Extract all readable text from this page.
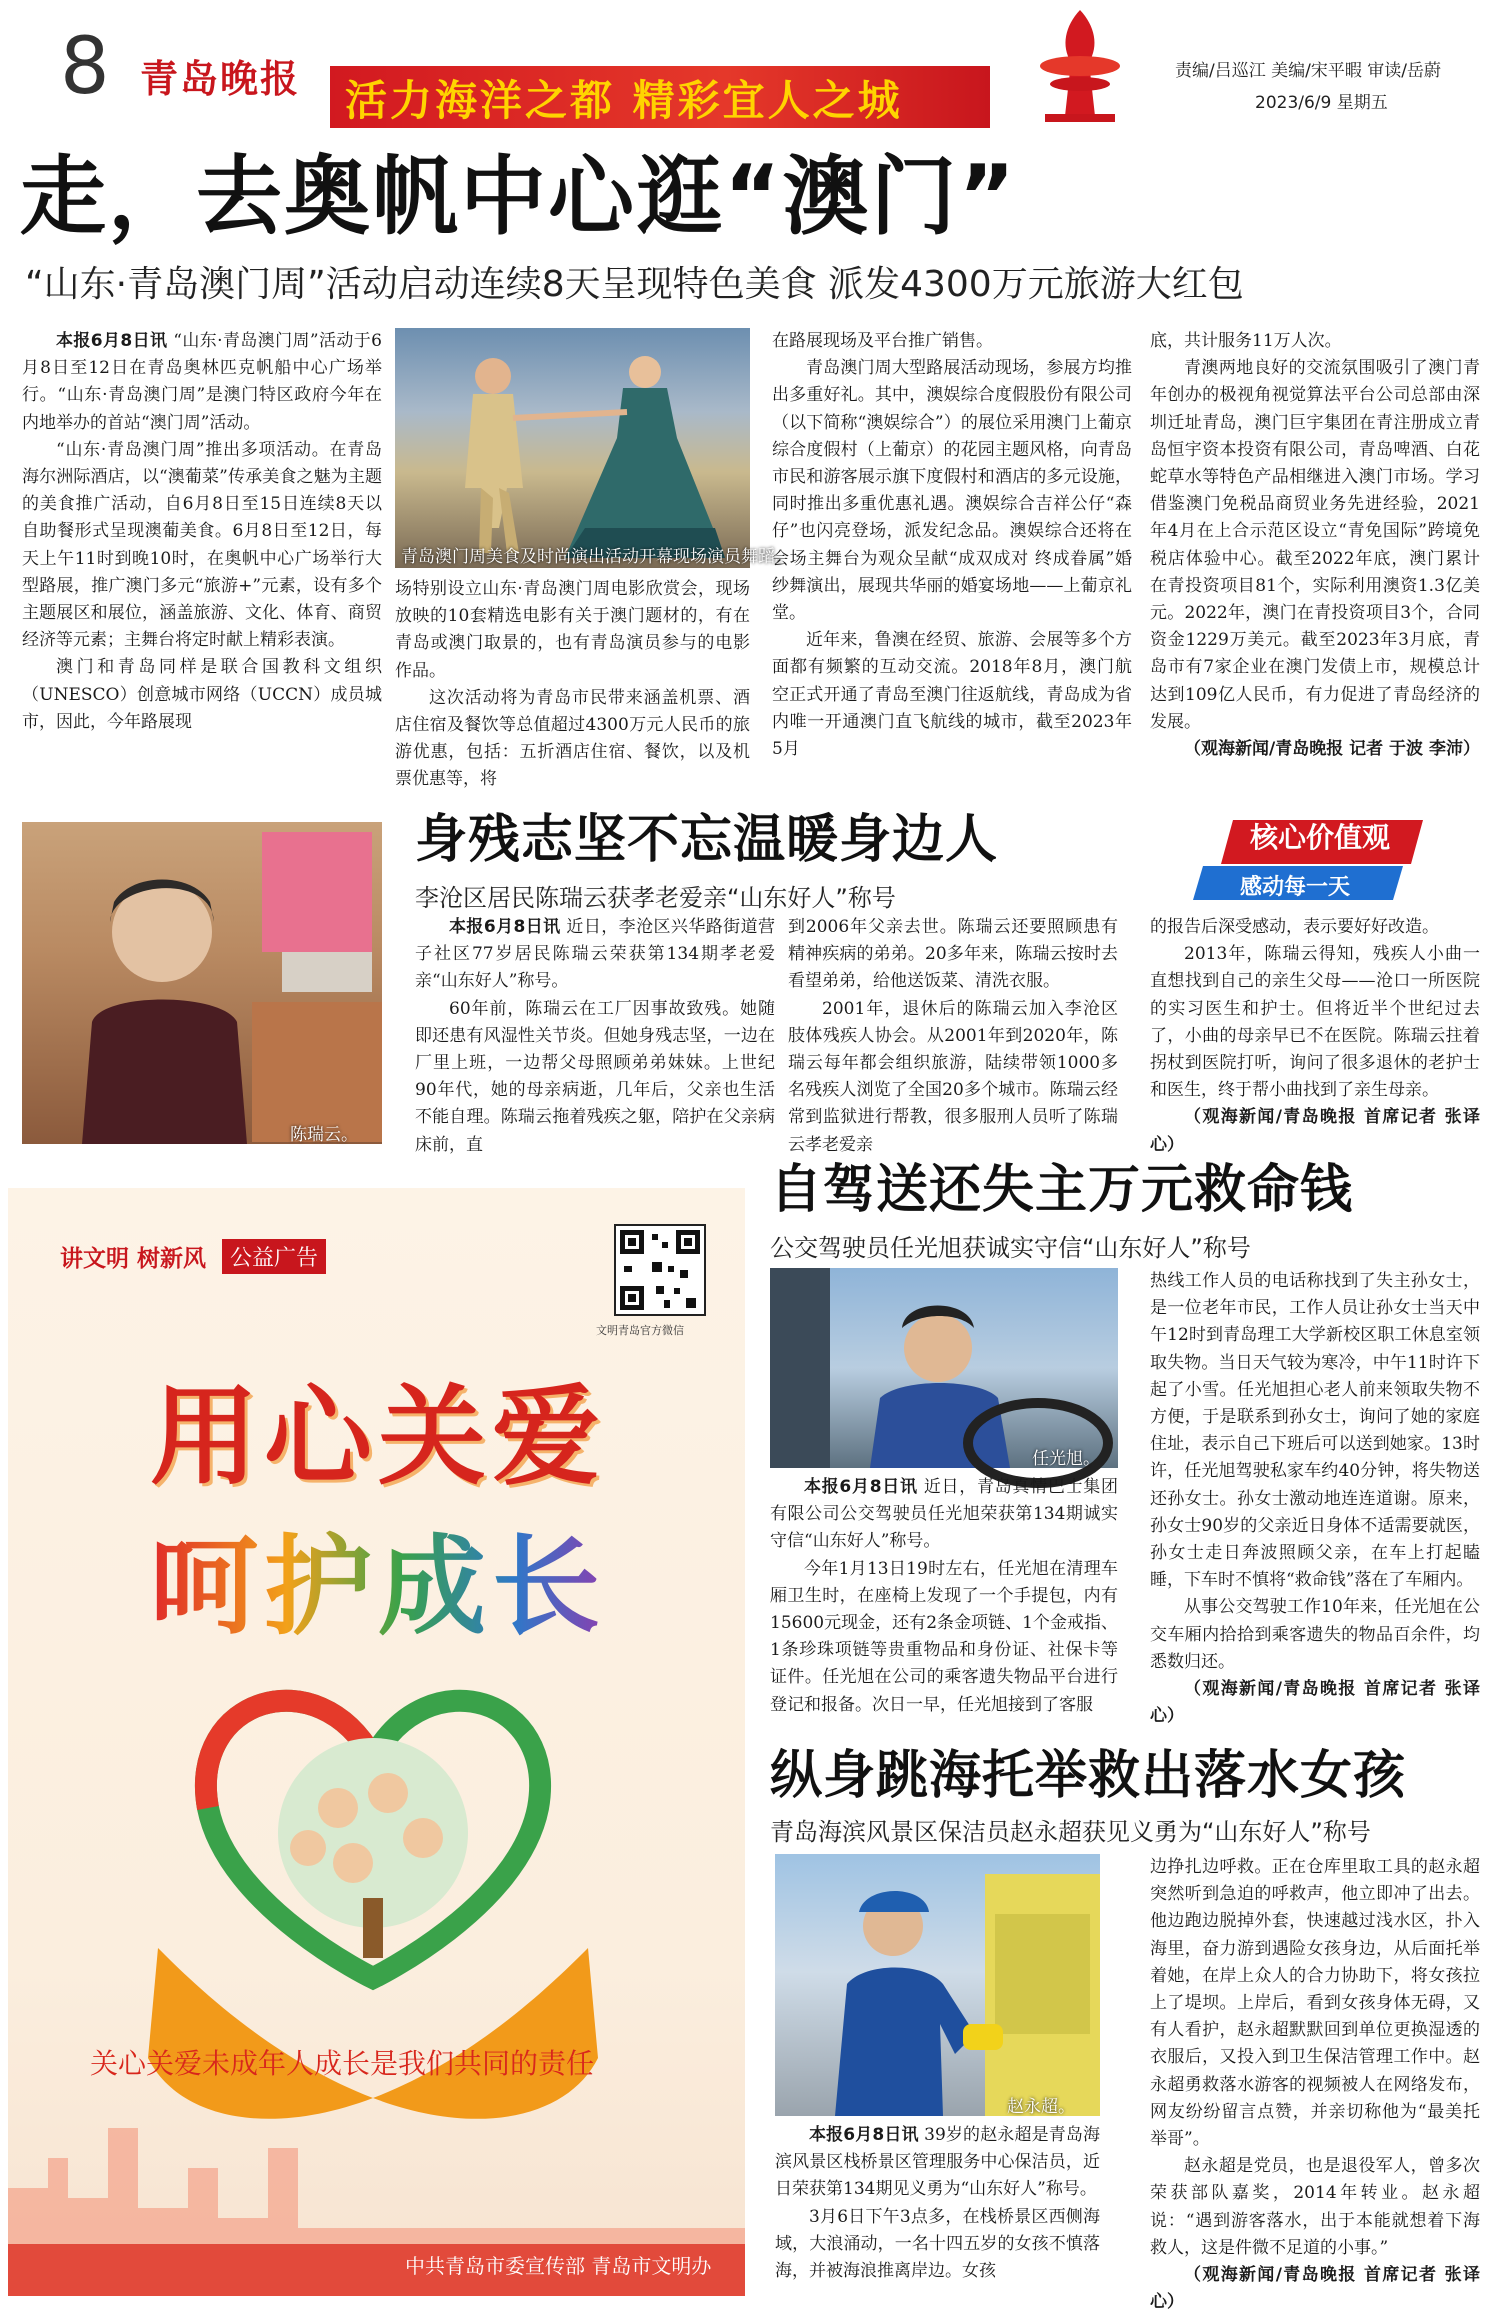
8 青岛晚报 活力海洋之都 精彩宜人之城
责编/吕巡江 美编/宋平暇 审读/岳蔚
2023/6/9 星期五
走，去奥帆中心逛“澳门”
“山东·青岛澳门周”活动启动连续8天呈现特色美食 派发4300万元旅游大红包
青岛澳门周美食及时尚演出活动开幕现场演员舞蹈。

本报6月8日讯 “山东·青岛澳门周”活动于6月8日至12日在青岛奥林匹克帆船中心广场举行。“山东·青岛澳门周”是澳门特区政府今年在内地举办的首站“澳门周”活动。

“山东·青岛澳门周”推出多项活动。在青岛海尔洲际酒店，以“澳葡菜”传承美食之魅为主题的美食推广活动，自6月8日至15日连续8天以自助餐形式呈现澳葡美食。6月8日至12日，每天上午11时到晚10时，在奥帆中心广场举行大型路展，推广澳门多元“旅游+”元素，设有多个主题展区和展位，涵盖旅游、文化、体育、商贸经济等元素；主舞台将定时献上精彩表演。

澳门和青岛同样是联合国教科文组织（UNESCO）创意城市网络（UCCN）成员城市，因此，今年路展现

场特别设立山东·青岛澳门周电影欣赏会，现场放映的10套精选电影有关于澳门题材的，有在青岛或澳门取景的，也有青岛演员参与的电影作品。

这次活动将为青岛市民带来涵盖机票、酒店住宿及餐饮等总值超过4300万元人民币的旅游优惠，包括：五折酒店住宿、餐饮，以及机票优惠等，将

在路展现场及平台推广销售。

青岛澳门周大型路展活动现场，参展方均推出多重好礼。其中，澳娱综合度假股份有限公司（以下简称“澳娱综合”）的展位采用澳门上葡京综合度假村（上葡京）的花园主题风格，向青岛市民和游客展示旗下度假村和酒店的多元设施，同时推出多重优惠礼遇。澳娱综合吉祥公仔“森仔”也闪亮登场，派发纪念品。澳娱综合还将在会场主舞台为观众呈献“成双成对 终成眷属”婚纱舞演出，展现共华丽的婚宴场地——上葡京礼堂。

近年来，鲁澳在经贸、旅游、会展等多个方面都有频繁的互动交流。2018年8月，澳门航空正式开通了青岛至澳门往返航线，青岛成为省内唯一开通澳门直飞航线的城市，截至2023年5月

底，共计服务11万人次。

青澳两地良好的交流氛围吸引了澳门青年创办的极视角视觉算法平台公司总部由深圳迁址青岛，澳门巨宇集团在青注册成立青岛恒宇资本投资有限公司，青岛啤酒、白花蛇草水等特色产品相继进入澳门市场。学习借鉴澳门免税品商贸业务先进经验，2021年4月在上合示范区设立“青免国际”跨境免税店体验中心。截至2022年底，澳门累计在青投资项目81个，实际利用澳资1.3亿美元。2022年，澳门在青投资项目3个，合同资金1229万美元。截至2023年3月底，青岛市有7家企业在澳门发债上市，规模总计达到109亿人民币，有力促进了青岛经济的发展。

（观海新闻/青岛晚报 记者 于波 李沛）

陈瑞云。
身残志坚不忘温暖身边人
李沧区居民陈瑞云获孝老爱亲“山东好人”称号
核心价值观
感动每一天

本报6月8日讯 近日，李沧区兴华路街道营子社区77岁居民陈瑞云荣获第134期孝老爱亲“山东好人”称号。

60年前，陈瑞云在工厂因事故致残。她随即还患有风湿性关节炎。但她身残志坚，一边在厂里上班，一边帮父母照顾弟弟妹妹。上世纪90年代，她的母亲病逝，几年后，父亲也生活不能自理。陈瑞云拖着残疾之躯，陪护在父亲病床前，直

到2006年父亲去世。陈瑞云还要照顾患有精神疾病的弟弟。20多年来，陈瑞云按时去看望弟弟，给他送饭菜、清洗衣服。

2001年，退休后的陈瑞云加入李沧区肢体残疾人协会。从2001年到2020年，陈瑞云每年都会组织旅游，陆续带领1000多名残疾人浏览了全国20多个城市。陈瑞云经常到监狱进行帮教，很多服刑人员听了陈瑞云孝老爱亲

的报告后深受感动，表示要好好改造。

2013年，陈瑞云得知，残疾人小曲一直想找到自己的亲生父母——沧口一所医院的实习医生和护士。但将近半个世纪过去了，小曲的母亲早已不在医院。陈瑞云拄着拐杖到医院打听，询问了很多退休的老护士和医生，终于帮小曲找到了亲生母亲。

（观海新闻/青岛晚报 首席记者 张译心）

讲文明 树新风	公益广告
文明青岛官方微信
用心关爱
呵护成长
关心关爱未成年人成长是我们共同的责任
中共青岛市委宣传部 青岛市文明办
自驾送还失主万元救命钱
公交驾驶员任光旭获诚实守信“山东好人”称号
任光旭。

本报6月8日讯 近日，青岛真情巴士集团有限公司公交驾驶员任光旭荣获第134期诚实守信“山东好人”称号。

今年1月13日19时左右，任光旭在清理车厢卫生时，在座椅上发现了一个手提包，内有15600元现金，还有2条金项链、1个金戒指、1条珍珠项链等贵重物品和身份证、社保卡等证件。任光旭在公司的乘客遗失物品平台进行登记和报备。次日一早，任光旭接到了客服

热线工作人员的电话称找到了失主孙女士，是一位老年市民，工作人员让孙女士当天中午12时到青岛理工大学新校区职工休息室领取失物。当日天气较为寒冷，中午11时许下起了小雪。任光旭担心老人前来领取失物不方便，于是联系到孙女士，询问了她的家庭住址，表示自己下班后可以送到她家。13时许，任光旭驾驶私家车约40分钟，将失物送还孙女士。孙女士激动地连连道谢。原来，孙女士90岁的父亲近日身体不适需要就医，孙女士走日奔波照顾父亲，在车上打起瞌睡，下车时不慎将“救命钱”落在了车厢内。

从事公交驾驶工作10年来，任光旭在公交车厢内拾拾到乘客遗失的物品百余件，均悉数归还。

（观海新闻/青岛晚报 首席记者 张译心）

纵身跳海托举救出落水女孩
青岛海滨风景区保洁员赵永超获见义勇为“山东好人”称号
赵永超。

本报6月8日讯 39岁的赵永超是青岛海滨风景区栈桥景区管理服务中心保洁员，近日荣获第134期见义勇为“山东好人”称号。

3月6日下午3点多，在栈桥景区西侧海域，大浪涌动，一名十四五岁的女孩不慎落海，并被海浪推离岸边。女孩

边挣扎边呼救。正在仓库里取工具的赵永超突然听到急迫的呼救声，他立即冲了出去。他边跑边脱掉外套，快速越过浅水区，扑入海里，奋力游到遇险女孩身边，从后面托举着她，在岸上众人的合力协助下，将女孩拉上了堤坝。上岸后，看到女孩身体无碍，又有人看护，赵永超默默回到单位更换湿透的衣服后，又投入到卫生保洁管理工作中。赵永超勇救落水游客的视频被人在网络发布，网友纷纷留言点赞，并亲切称他为“最美托举哥”。

赵永超是党员，也是退役军人，曾多次荣获部队嘉奖，2014年转业。赵永超说：“遇到游客落水，出于本能就想着下海救人，这是件微不足道的小事。”

（观海新闻/青岛晚报 首席记者 张译心）
